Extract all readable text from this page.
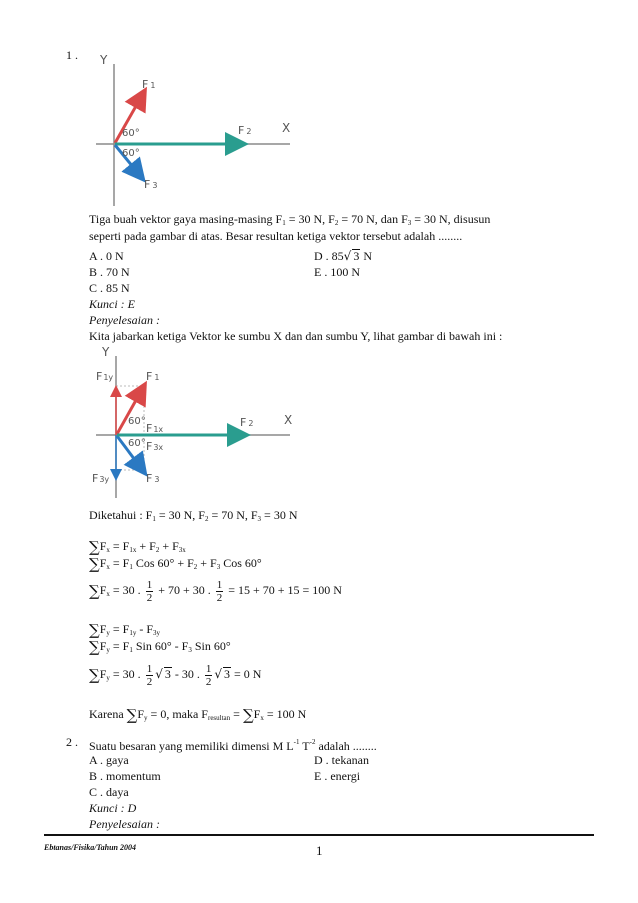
1 . Y
X
F 1
F 2
F 3
60°
60°
Tiga buah vektor gaya masing-masing $F_1 = 30$ N, $F_2 = 70$ N, dan $F_3 = 30$ N, disusun
seperti pada gambar di atas. Besar resultan ketiga vektor tersebut adalah ........
A . 0 N
B . 70 N
C . 85 N
D . 85√ 3 N
E . 100 N
Kunci : E
Penyelesaian :
Kita jabarkan ketiga Vektor ke sumbu X dan dan sumbu Y, lihat gambar di bawah ini :
Y
X
F1y	F 1
60°
F1x
60° F3x
F 2
F3y	F 3
Diketahui : $F_1 = 30$ N, $F_2 = 70$ N, $F_3 = 30$ N
$\sum F_x = F_{1x} + F_2 + F_{3x}$
$\sum F_x = F_1$ Cos $60^\circ + F_2 + F_3$ Cos 60°
$\sum F_x = 30$ . $\frac{1}{2} + 70 + 30$ . $\frac{1}{2} = 15 + 70 + 15 = 100$ N
$\sum F_y = F_{1y} - F_{3y}$
$\sum F_y = F_1$ Sin $60^\circ - F_3$ Sin 60°
$\sum F_y = 30$ . $\frac{1}{2}$ √ 3 - 30 . $\frac{1}{2}$ √ 3 = 0 N
Karena $\sum F_y = 0$, maka $F_{resultan} = \sum F_x = 100$ N
2 . Suatu besaran yang memiliki dimensi M $L^{-1}$ $T^{-2}$ adalah ........
A . gaya
B . momentum
C . daya
D . tekanan
E . energi
Kunci : D
Penyelesaian :
Ebtanas/Fisika/Tahun 2004	1
